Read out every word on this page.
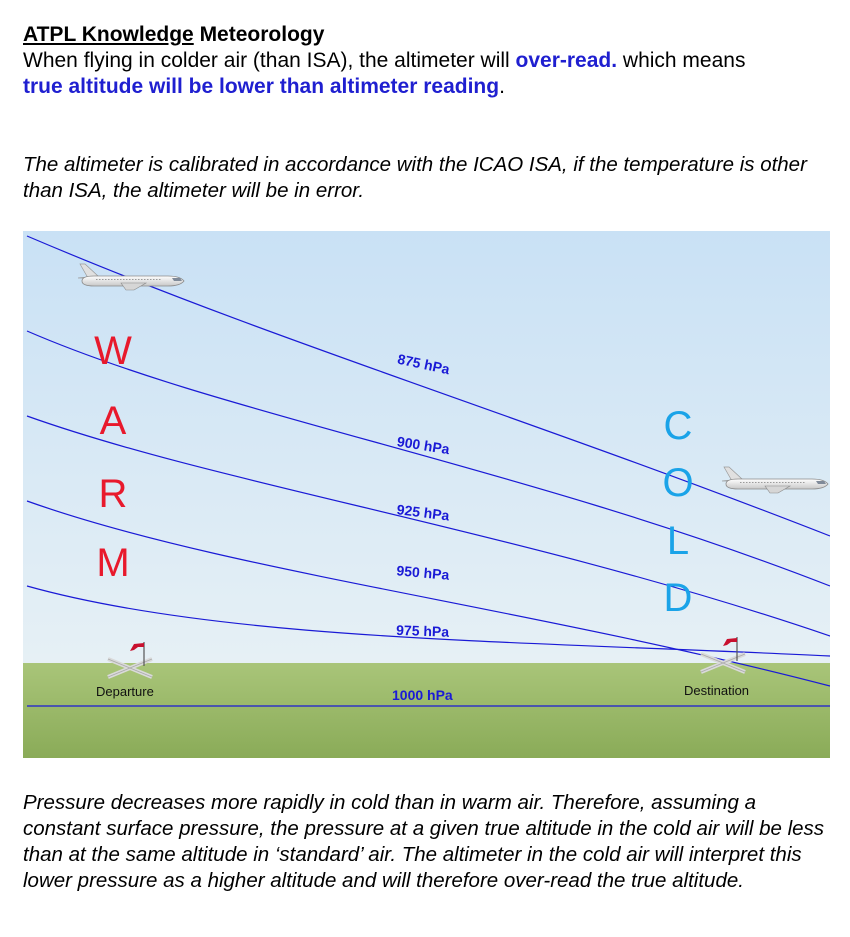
ATPL Knowledge Meteorology
When flying in colder air (than ISA), the altimeter will over-read. which means
true altitude will be lower than altimeter reading.
The altimeter is calibrated in accordance with the ICAO ISA, if the temperature is other than ISA, the altimeter will be in error.
W
A
R
M
C
O
L
D
875 hPa
900 hPa
925 hPa
950 hPa
975 hPa
1000 hPa
Departure	Destination
Pressure decreases more rapidly in cold than in warm air. Therefore, assuming a constant surface pressure, the pressure at a given true altitude in the cold air will be less than at the same altitude in ‘standard’ air. The altimeter in the cold air will interpret this lower pressure as a higher altitude and will therefore over-read the true altitude.
